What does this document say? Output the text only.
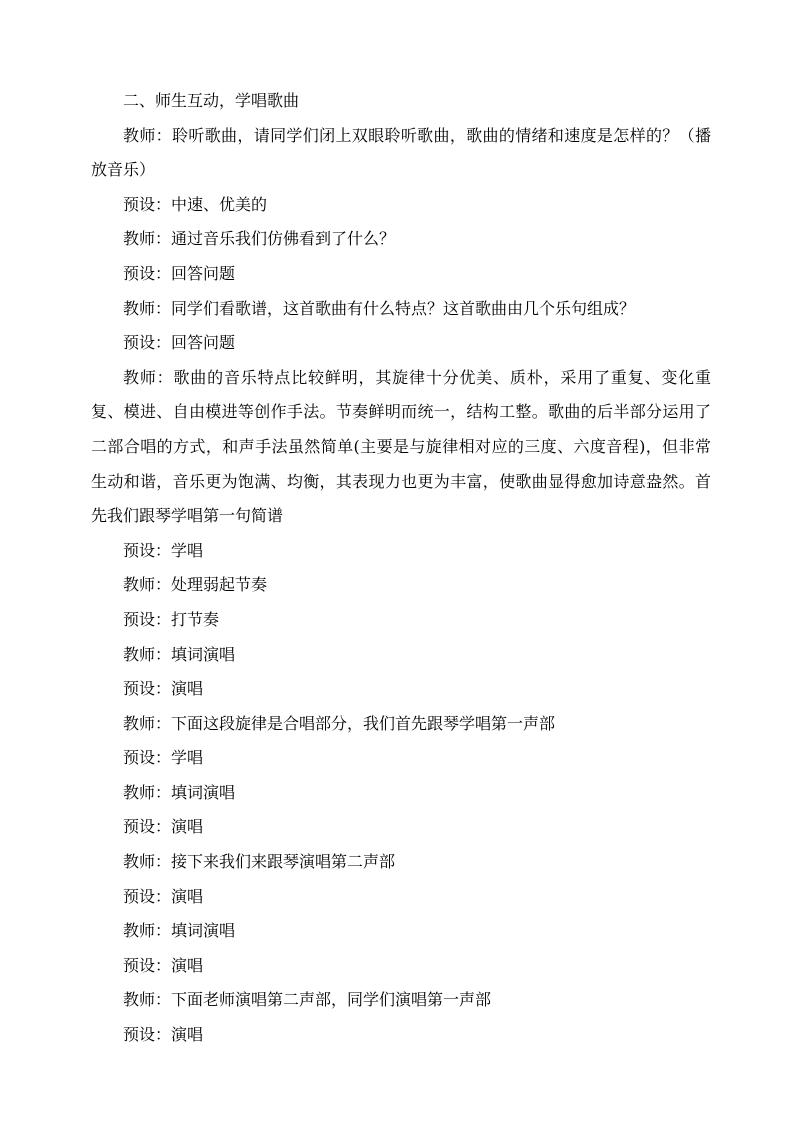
二、师生互动，学唱歌曲

教师：聆听歌曲，请同学们闭上双眼聆听歌曲，歌曲的情绪和速度是怎样的？（播放音乐）

预设：中速、优美的

教师：通过音乐我们仿佛看到了什么？

预设：回答问题

教师：同学们看歌谱，这首歌曲有什么特点？这首歌曲由几个乐句组成？

预设：回答问题

教师：歌曲的音乐特点比较鲜明，其旋律十分优美、质朴，采用了重复、变化重复、模进、自由模进等创作手法。节奏鲜明而统一，结构工整。歌曲的后半部分运用了二部合唱的方式，和声手法虽然简单(主要是与旋律相对应的三度、六度音程)，但非常生动和谐，音乐更为饱满、均衡，其表现力也更为丰富，使歌曲显得愈加诗意盎然。首先我们跟琴学唱第一句简谱

预设：学唱

教师：处理弱起节奏

预设：打节奏

教师：填词演唱

预设：演唱

教师：下面这段旋律是合唱部分，我们首先跟琴学唱第一声部

预设：学唱

教师：填词演唱

预设：演唱

教师：接下来我们来跟琴演唱第二声部

预设：演唱

教师：填词演唱

预设：演唱

教师：下面老师演唱第二声部，同学们演唱第一声部

预设：演唱
